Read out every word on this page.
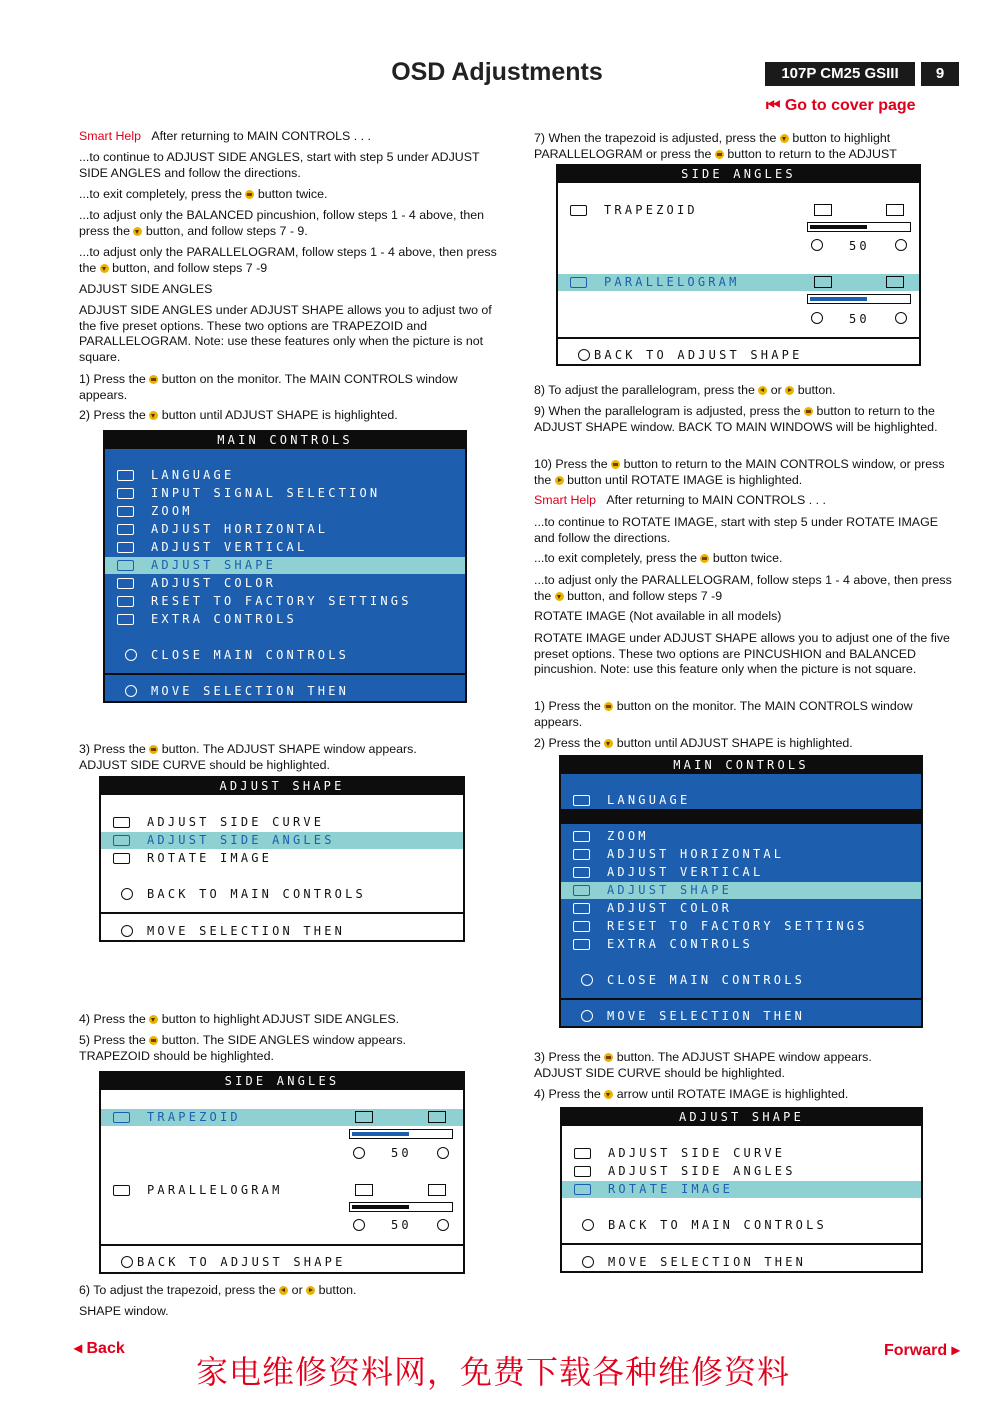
OSD Adjustments	107P CM25 GSIII	9
⏮ Go to cover page
Smart Help After returning to MAIN CONTROLS . . .
...to continue to ADJUST SIDE ANGLES, start with step 5 under ADJUST SIDE ANGLES and follow the directions.
...to exit completely, press the button twice.
...to adjust only the BALANCED pincushion, follow steps 1 - 4 above, then press the button, and follow steps 7 - 9.
...to adjust only the PARALLELOGRAM, follow steps 1 - 4 above, then press the button, and follow steps 7 -9
ADJUST SIDE ANGLES
ADJUST SIDE ANGLES under ADJUST SHAPE allows you to adjust two of the five preset options. These two options are TRAPEZOID and PARALLELOGRAM. Note: use these features only when the picture is not square.
1) Press the button on the monitor. The MAIN CONTROLS window appears.
2) Press the button until ADJUST SHAPE is highlighted.
MAIN CONTROLS
LANGUAGE
INPUT SIGNAL SELECTION
ZOOM
ADJUST HORIZONTAL
ADJUST VERTICAL
ADJUST SHAPE
ADJUST COLOR
RESET TO FACTORY SETTINGS
EXTRA CONTROLS
CLOSE MAIN CONTROLS
MOVE SELECTION THEN
3) Press the button. The ADJUST SHAPE window appears.
ADJUST SIDE CURVE should be highlighted.
ADJUST SHAPE
ADJUST SIDE CURVE
ADJUST SIDE ANGLES
ROTATE IMAGE
BACK TO MAIN CONTROLS
MOVE SELECTION THEN
4) Press the button to highlight ADJUST SIDE ANGLES.
5) Press the button. The SIDE ANGLES window appears.
TRAPEZOID should be highlighted.
SIDE ANGLES
TRAPEZOID
50
PARALLELOGRAM
50
BACK TO ADJUST SHAPE
6) To adjust the trapezoid, press the or button.
SHAPE window.
7) When the trapezoid is adjusted, press the button to highlight
PARALLELOGRAM or press the button to return to the ADJUST
SIDE ANGLES
TRAPEZOID
50
PARALLELOGRAM
50
BACK TO ADJUST SHAPE
8) To adjust the parallelogram, press the or button.
9) When the parallelogram is adjusted, press the button to return to the ADJUST SHAPE window. BACK TO MAIN WINDOWS will be highlighted.
10) Press the button to return to the MAIN CONTROLS window, or press the button until ROTATE IMAGE is highlighted.
Smart Help After returning to MAIN CONTROLS . . .
...to continue to ROTATE IMAGE, start with step 5 under ROTATE IMAGE and follow the directions.
...to exit completely, press the button twice.
...to adjust only the PARALLELOGRAM, follow steps 1 - 4 above, then press the button, and follow steps 7 -9
ROTATE IMAGE (Not available in all models)
ROTATE IMAGE under ADJUST SHAPE allows you to adjust one of the five preset options. These two options are PINCUSHION and BALANCED pincushion. Note: use this feature only when the picture is not square.
1) Press the button on the monitor. The MAIN CONTROLS window appears.
2) Press the button until ADJUST SHAPE is highlighted.
MAIN CONTROLS
LANGUAGE
ZOOM
ADJUST HORIZONTAL
ADJUST VERTICAL
ADJUST SHAPE
ADJUST COLOR
RESET TO FACTORY SETTINGS
EXTRA CONTROLS
CLOSE MAIN CONTROLS
MOVE SELECTION THEN
3) Press the button. The ADJUST SHAPE window appears.
ADJUST SIDE CURVE should be highlighted.
4) Press the arrow until ROTATE IMAGE is highlighted.
ADJUST SHAPE
ADJUST SIDE CURVE
ADJUST SIDE ANGLES
ROTATE IMAGE
BACK TO MAIN CONTROLS
MOVE SELECTION THEN
◂ Back	Forward ▸
家电维修资料网，免费下载各种维修资料
